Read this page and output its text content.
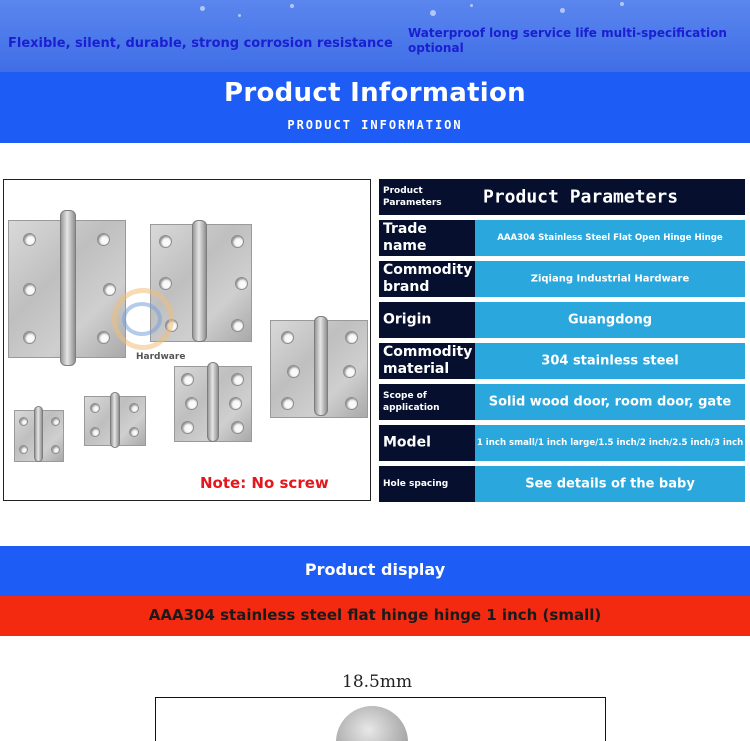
Flexible, silent, durable, strong corrosion resistance
Waterproof long service life multi-specification optional
Product Information
PRODUCT INFORMATION
Hardware
Note: No screw
Product Parameters	Product Parameters
Trade name	AAA304 Stainless Steel Flat Open Hinge Hinge
Commodity brand	Ziqiang Industrial Hardware
Origin	Guangdong
Commodity material	304 stainless steel
Scope of application	Solid wood door, room door, gate
Model	1 inch small/1 inch large/1.5 inch/2 inch/2.5 inch/3 inch
Hole spacing	See details of the baby
Product display
AAA304 stainless steel flat hinge hinge 1 inch (small)
18.5mm
